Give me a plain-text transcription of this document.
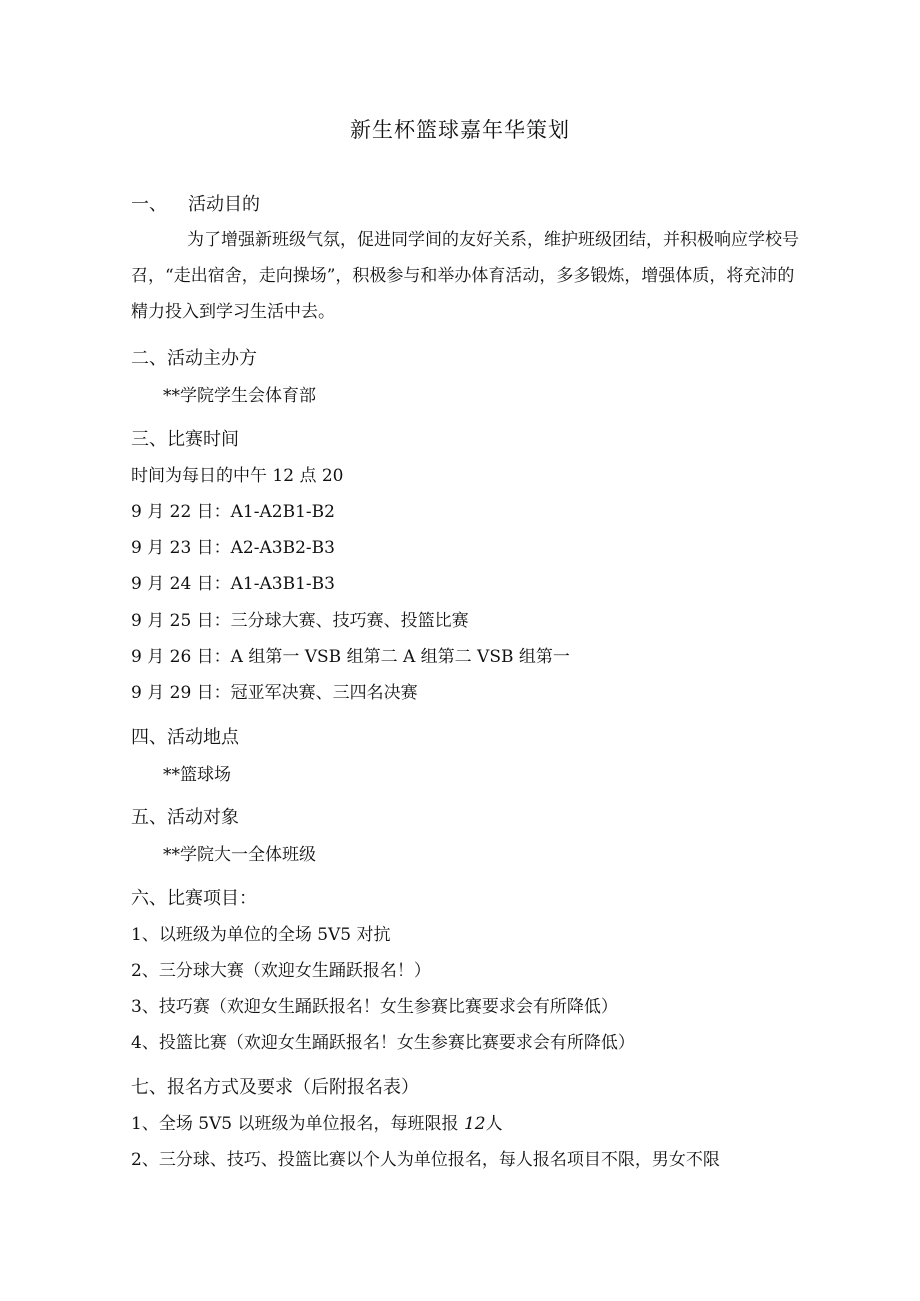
新生杯篮球嘉年华策划
一、 活动目的
为了增强新班级气氛，促进同学间的友好关系，维护班级团结，并积极响应学校号召，“走出宿舍，走向操场”，积极参与和举办体育活动，多多锻炼，增强体质，将充沛的精力投入到学习生活中去。
二、活动主办方
**学院学生会体育部
三、比赛时间
时间为每日的中午 12 点 20
9 月 22 日：A1-A2B1-B2
9 月 23 日：A2-A3B2-B3
9 月 24 日：A1-A3B1-B3
9 月 25 日：三分球大赛、技巧赛、投篮比赛
9 月 26 日：A 组第一 VSB 组第二 A 组第二 VSB 组第一
9 月 29 日：冠亚军决赛、三四名决赛
四、活动地点
**篮球场
五、活动对象
**学院大一全体班级
六、比赛项目：
1、以班级为单位的全场 5V5 对抗
2、三分球大赛（欢迎女生踊跃报名！）
3、技巧赛（欢迎女生踊跃报名！女生参赛比赛要求会有所降低）
4、投篮比赛（欢迎女生踊跃报名！女生参赛比赛要求会有所降低）
七、报名方式及要求（后附报名表）
1、全场 5V5 以班级为单位报名，每班限报 12人
2、三分球、技巧、投篮比赛以个人为单位报名，每人报名项目不限，男女不限
